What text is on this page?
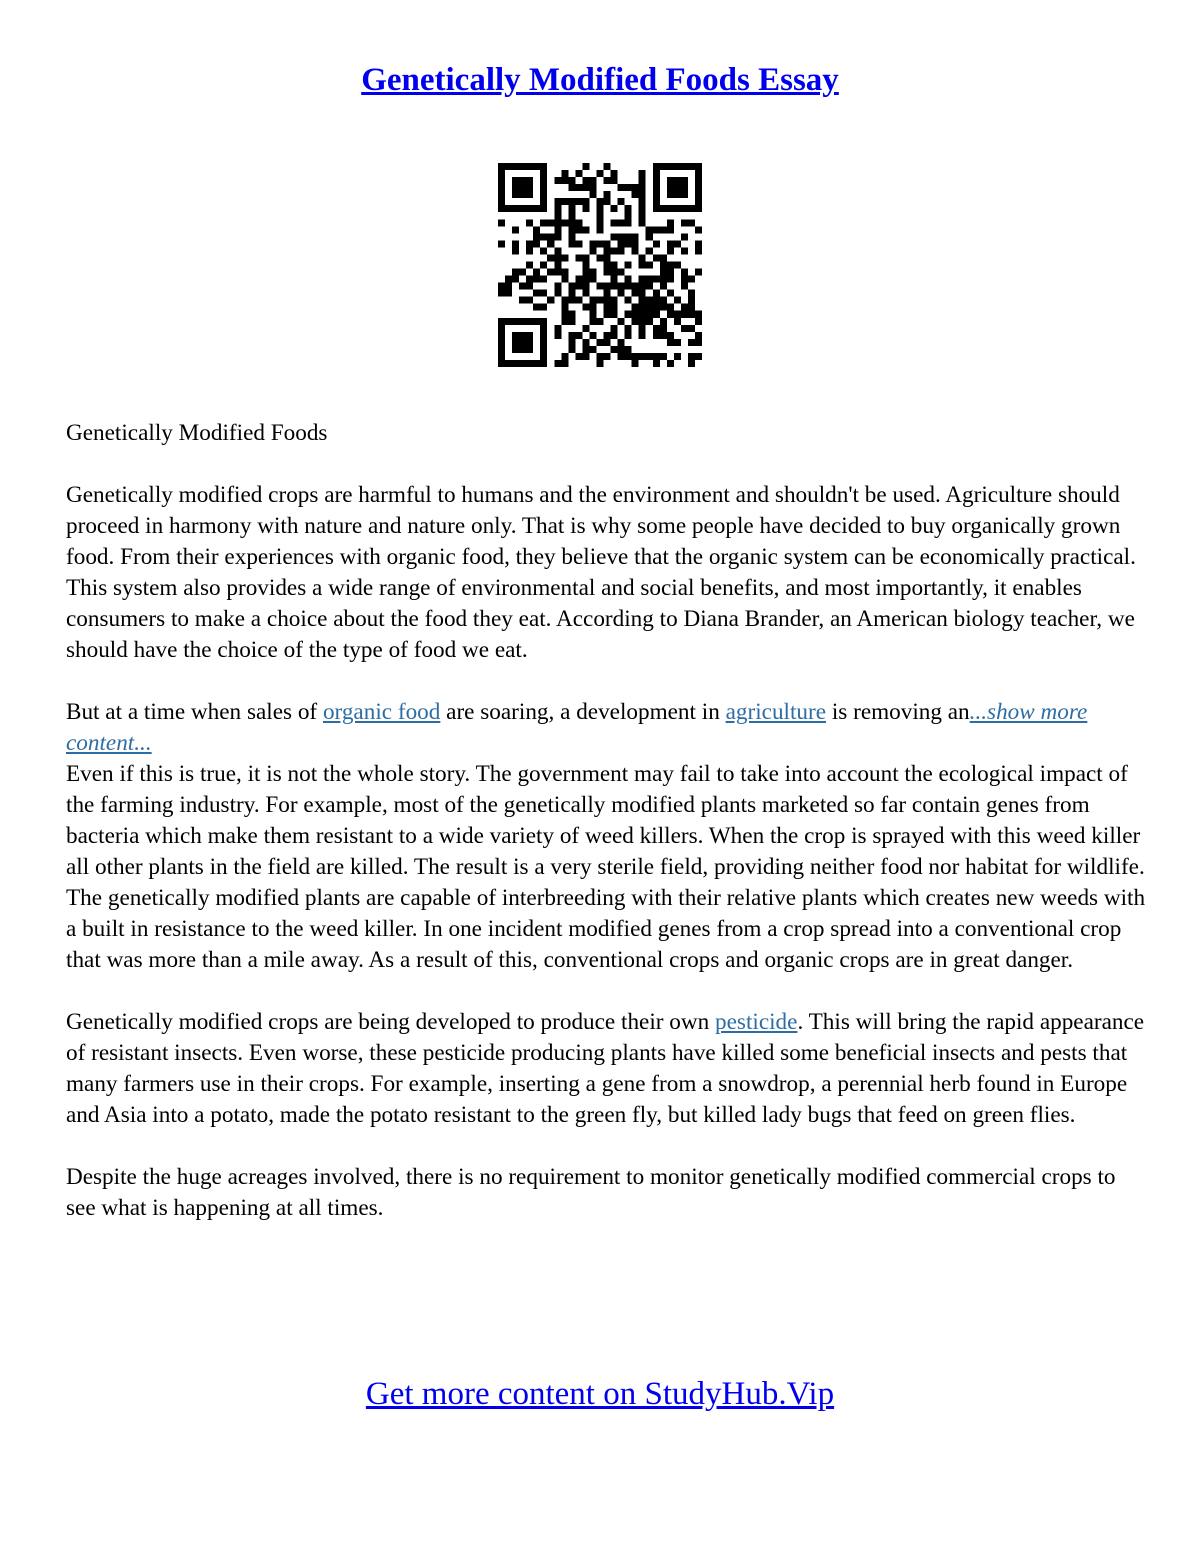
Genetically Modified Foods Essay

Genetically Modified Foods

Genetically modified crops are harmful to humans and the environment and shouldn't be used. Agriculture should proceed in harmony with nature and nature only. That is why some people have decided to buy organically grown food. From their experiences with organic food, they believe that the organic system can be economically practical. This system also provides a wide range of environmental and social benefits, and most importantly, it enables consumers to make a choice about the food they eat. According to Diana Brander, an American biology teacher, we should have the choice of the type of food we eat.

But at a time when sales of organic food are soaring, a development in agriculture is removing an...show more content...

Even if this is true, it is not the whole story. The government may fail to take into account the ecological impact of the farming industry. For example, most of the genetically modified plants marketed so far contain genes from bacteria which make them resistant to a wide variety of weed killers. When the crop is sprayed with this weed killer all other plants in the field are killed. The result is a very sterile field, providing neither food nor habitat for wildlife. The genetically modified plants are capable of interbreeding with their relative plants which creates new weeds with a built in resistance to the weed killer. In one incident modified genes from a crop spread into a conventional crop that was more than a mile away. As a result of this, conventional crops and organic crops are in great danger.

Genetically modified crops are being developed to produce their own pesticide. This will bring the rapid appearance of resistant insects. Even worse, these pesticide producing plants have killed some beneficial insects and pests that many farmers use in their crops. For example, inserting a gene from a snowdrop, a perennial herb found in Europe and Asia into a potato, made the potato resistant to the green fly, but killed lady bugs that feed on green flies.

Despite the huge acreages involved, there is no requirement to monitor genetically modified commercial crops to see what is happening at all times.

Get more content on StudyHub.Vip
